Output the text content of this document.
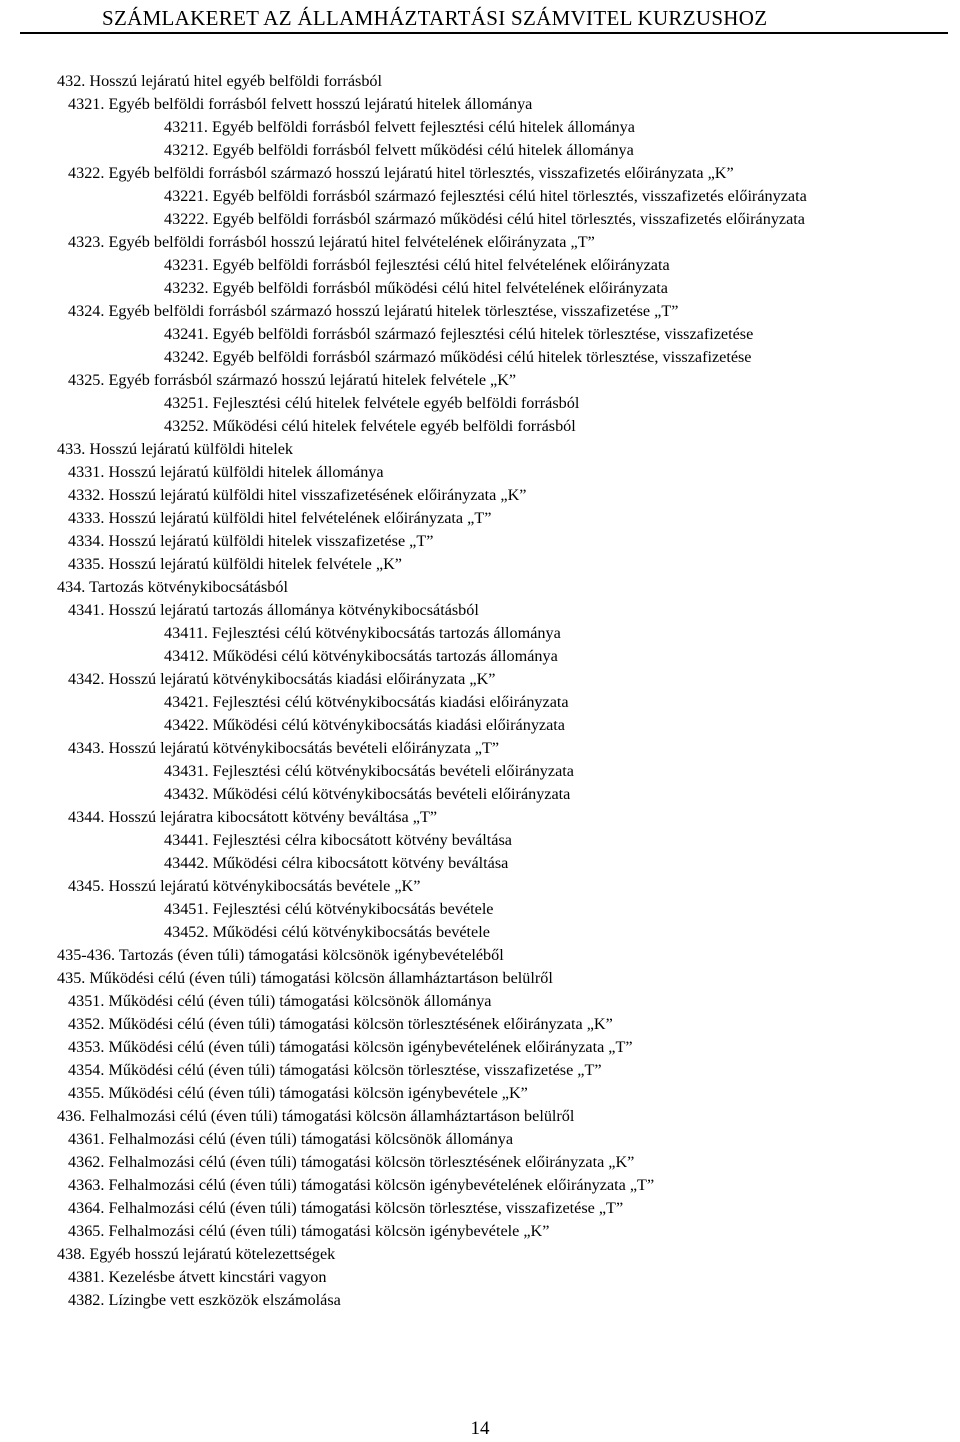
SZÁMLAKERET AZ ÁLLAMHÁZTARTÁSI SZÁMVITEL KURZUSHOZ
432. Hosszú lejáratú hitel egyéb belföldi forrásból
4321. Egyéb belföldi forrásból felvett hosszú lejáratú hitelek állománya
43211. Egyéb belföldi forrásból felvett fejlesztési célú hitelek állománya
43212. Egyéb belföldi forrásból felvett működési célú hitelek állománya
4322. Egyéb belföldi forrásból származó hosszú lejáratú hitel törlesztés, visszafizetés előirányzata „K”
43221. Egyéb belföldi forrásból származó fejlesztési célú hitel törlesztés, visszafizetés előirányzata
43222. Egyéb belföldi forrásból származó működési célú hitel törlesztés, visszafizetés előirányzata
4323. Egyéb belföldi forrásból hosszú lejáratú hitel felvételének előirányzata „T”
43231. Egyéb belföldi forrásból fejlesztési célú hitel felvételének előirányzata
43232. Egyéb belföldi forrásból működési célú hitel felvételének előirányzata
4324. Egyéb belföldi forrásból származó hosszú lejáratú hitelek törlesztése, visszafizetése „T”
43241. Egyéb belföldi forrásból származó fejlesztési célú hitelek törlesztése, visszafizetése
43242. Egyéb belföldi forrásból származó működési célú hitelek törlesztése, visszafizetése
4325. Egyéb forrásból származó hosszú lejáratú hitelek felvétele „K”
43251. Fejlesztési célú hitelek felvétele egyéb belföldi forrásból
43252. Működési célú hitelek felvétele egyéb belföldi forrásból
433. Hosszú lejáratú külföldi hitelek
4331. Hosszú lejáratú külföldi hitelek állománya
4332. Hosszú lejáratú külföldi hitel visszafizetésének előirányzata „K”
4333. Hosszú lejáratú külföldi hitel felvételének előirányzata „T”
4334. Hosszú lejáratú külföldi hitelek visszafizetése „T”
4335. Hosszú lejáratú külföldi hitelek felvétele „K”
434. Tartozás kötvénykibocsátásból
4341. Hosszú lejáratú tartozás állománya kötvénykibocsátásból
43411. Fejlesztési célú kötvénykibocsátás tartozás állománya
43412. Működési célú kötvénykibocsátás tartozás állománya
4342. Hosszú lejáratú kötvénykibocsátás kiadási előirányzata „K”
43421. Fejlesztési célú kötvénykibocsátás kiadási előirányzata
43422. Működési célú kötvénykibocsátás kiadási előirányzata
4343. Hosszú lejáratú kötvénykibocsátás bevételi előirányzata „T”
43431. Fejlesztési célú kötvénykibocsátás bevételi előirányzata
43432. Működési célú kötvénykibocsátás bevételi előirányzata
4344. Hosszú lejáratra kibocsátott kötvény beváltása „T”
43441. Fejlesztési célra kibocsátott kötvény beváltása
43442. Működési célra kibocsátott kötvény beváltása
4345. Hosszú lejáratú kötvénykibocsátás bevétele „K”
43451. Fejlesztési célú kötvénykibocsátás bevétele
43452. Működési célú kötvénykibocsátás bevétele
435-436. Tartozás (éven túli) támogatási kölcsönök igénybevételéből
435. Működési célú (éven túli) támogatási kölcsön államháztartáson belülről
4351. Működési célú (éven túli) támogatási kölcsönök állománya
4352. Működési célú (éven túli) támogatási kölcsön törlesztésének előirányzata „K”
4353. Működési célú (éven túli) támogatási kölcsön igénybevételének előirányzata „T”
4354. Működési célú (éven túli) támogatási kölcsön törlesztése, visszafizetése „T”
4355. Működési célú (éven túli) támogatási kölcsön igénybevétele „K”
436. Felhalmozási célú (éven túli) támogatási kölcsön államháztartáson belülről
4361. Felhalmozási célú (éven túli) támogatási kölcsönök állománya
4362. Felhalmozási célú (éven túli) támogatási kölcsön törlesztésének előirányzata „K”
4363. Felhalmozási célú (éven túli) támogatási kölcsön igénybevételének előirányzata „T”
4364. Felhalmozási célú (éven túli) támogatási kölcsön törlesztése, visszafizetése „T”
4365. Felhalmozási célú (éven túli) támogatási kölcsön igénybevétele „K”
438. Egyéb hosszú lejáratú kötelezettségek
4381. Kezelésbe átvett kincstári vagyon
4382. Lízingbe vett eszközök elszámolása
14
